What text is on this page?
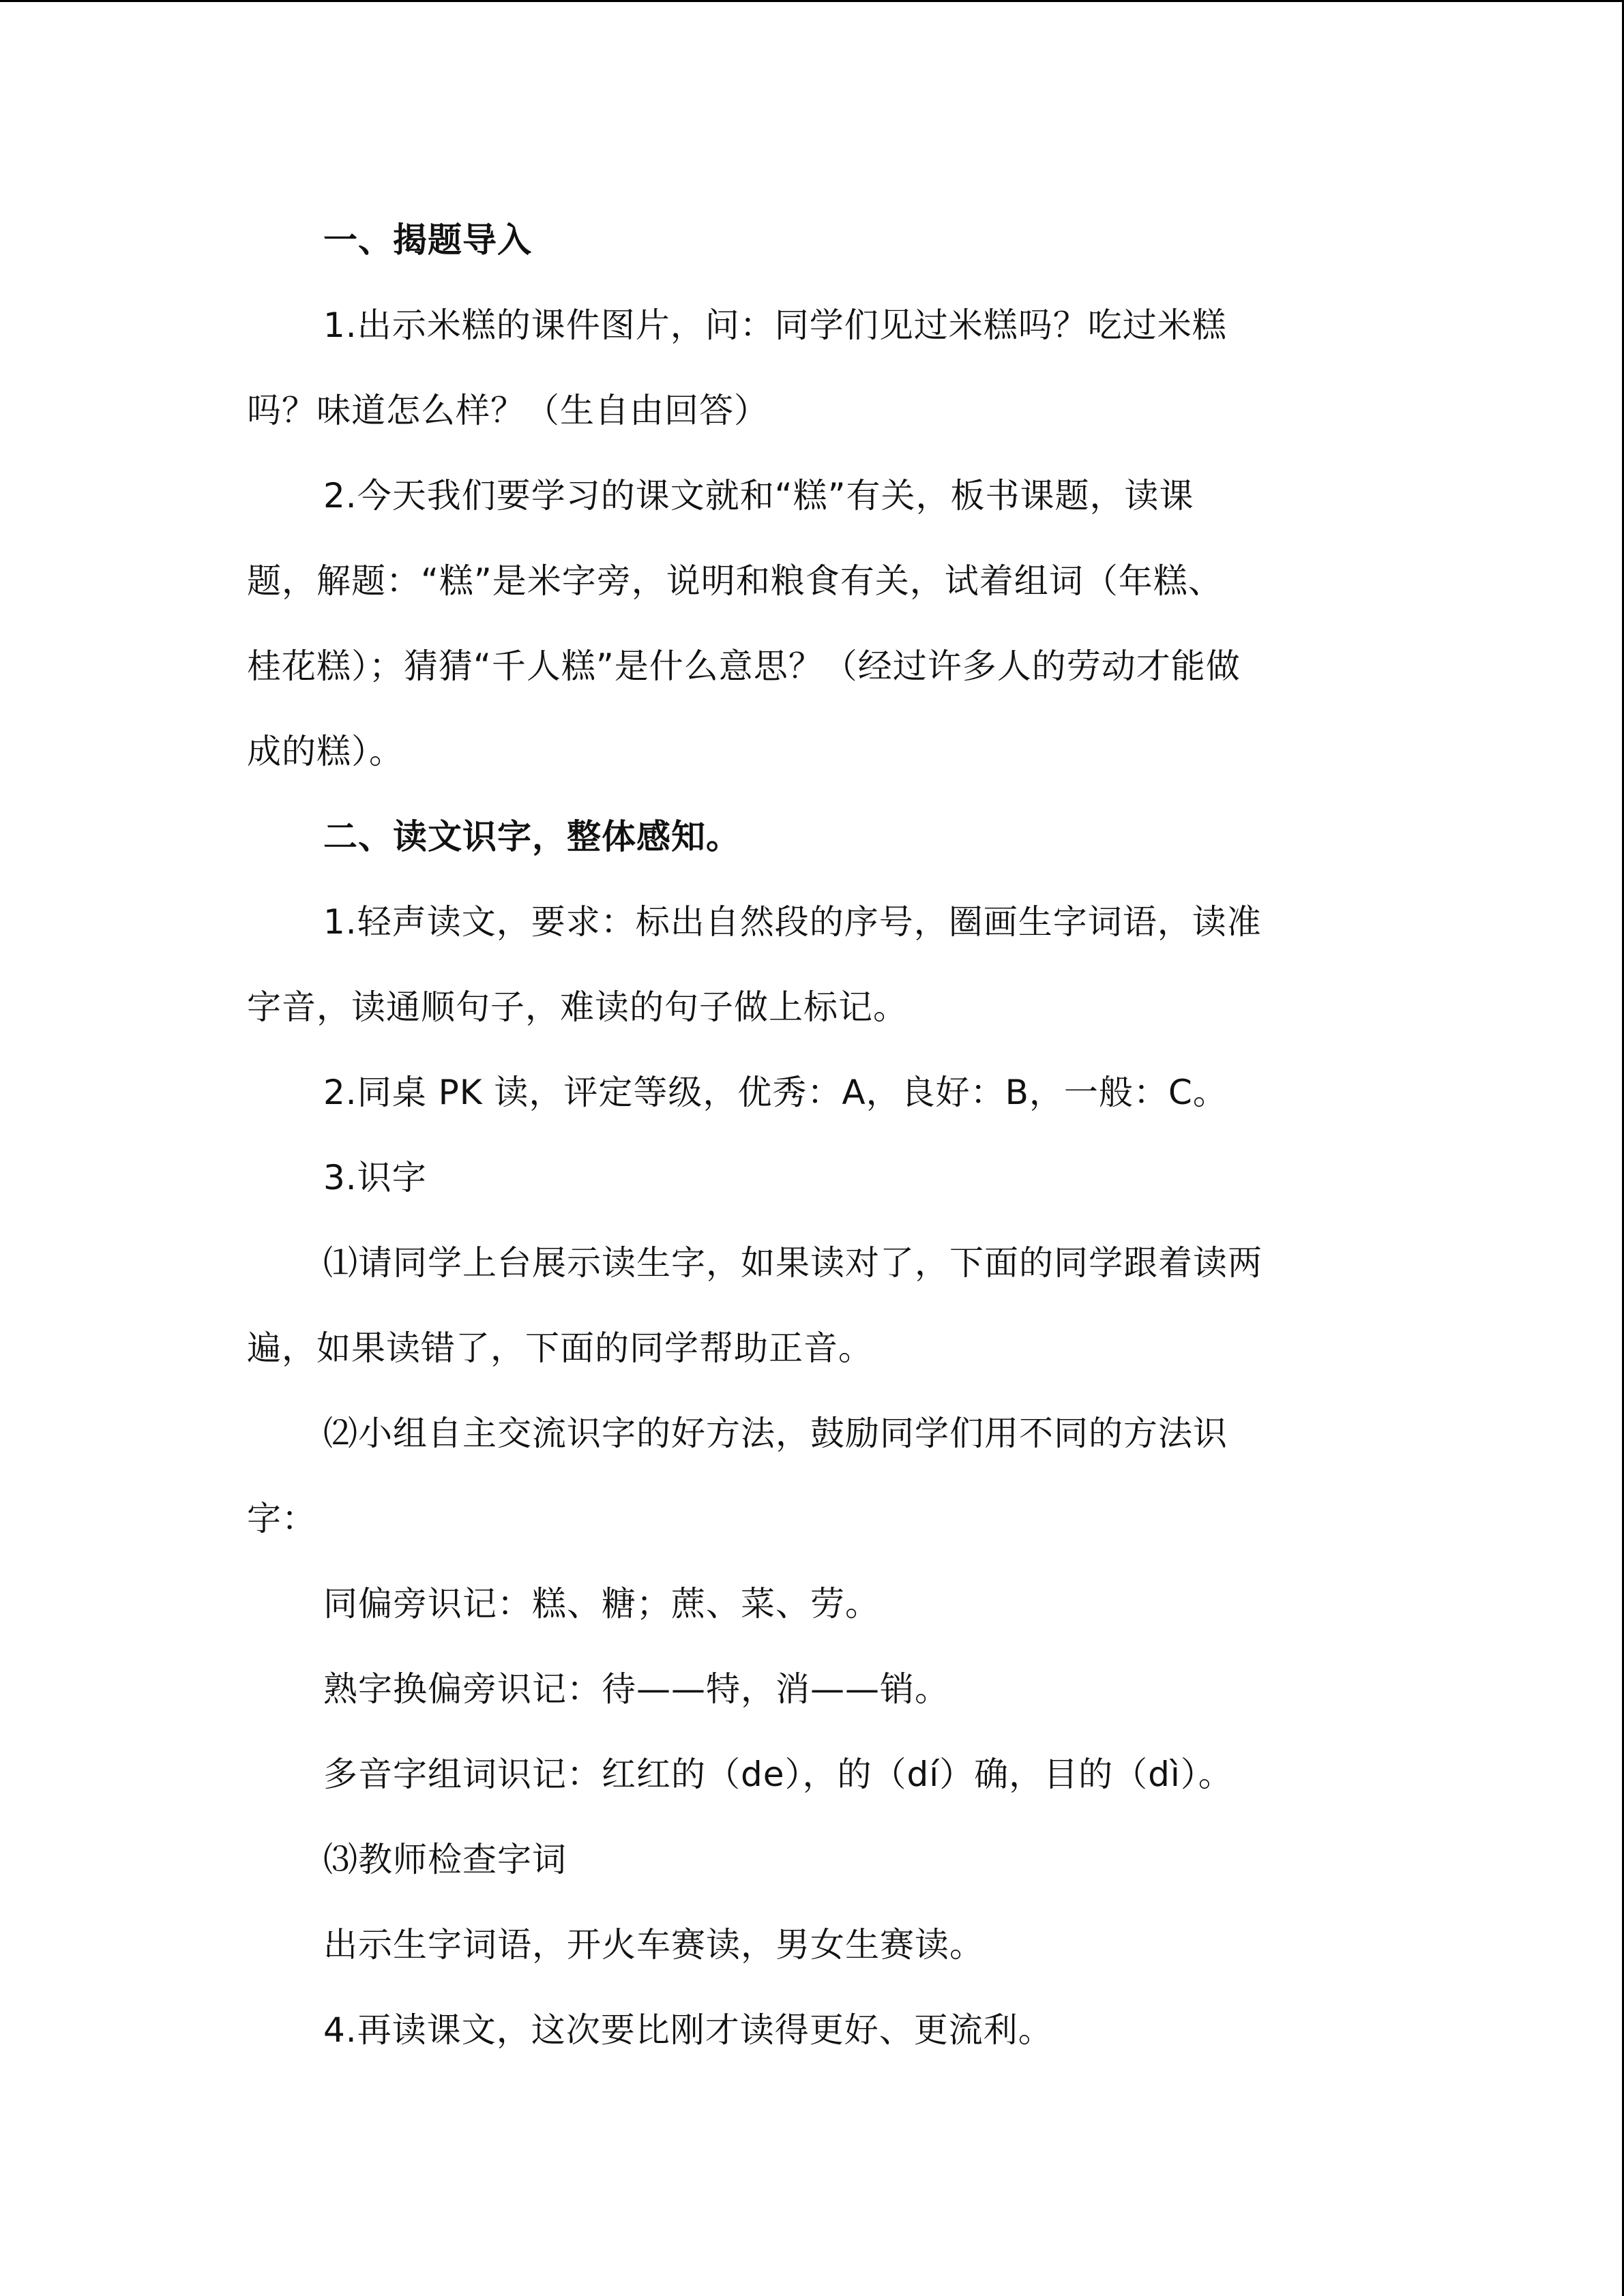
一、揭题导入
1.出示米糕的课件图片，问：同学们见过米糕吗？吃过米糕
吗？味道怎么样？（生自由回答）
2.今天我们要学习的课文就和“糕”有关，板书课题，读课
题，解题：“糕”是米字旁，说明和粮食有关，试着组词（年糕、
桂花糕）；猜猜“千人糕”是什么意思？（经过许多人的劳动才能做
成的糕）。
二、读文识字，整体感知。
1.轻声读文，要求：标出自然段的序号，圈画生字词语，读准
字音，读通顺句子，难读的句子做上标记。
2.同桌 PK 读，评定等级，优秀：A，良好：B，一般：C。
3.识字
⑴请同学上台展示读生字，如果读对了，下面的同学跟着读两
遍，如果读错了，下面的同学帮助正音。
⑵小组自主交流识字的好方法，鼓励同学们用不同的方法识
字：
同偏旁识记：糕、糖；蔗、菜、劳。
熟字换偏旁识记：待——特，消——销。
多音字组词识记：红红的（de），的（dí）确，目的（dì）。
⑶教师检查字词
出示生字词语，开火车赛读，男女生赛读。
4.再读课文，这次要比刚才读得更好、更流利。
